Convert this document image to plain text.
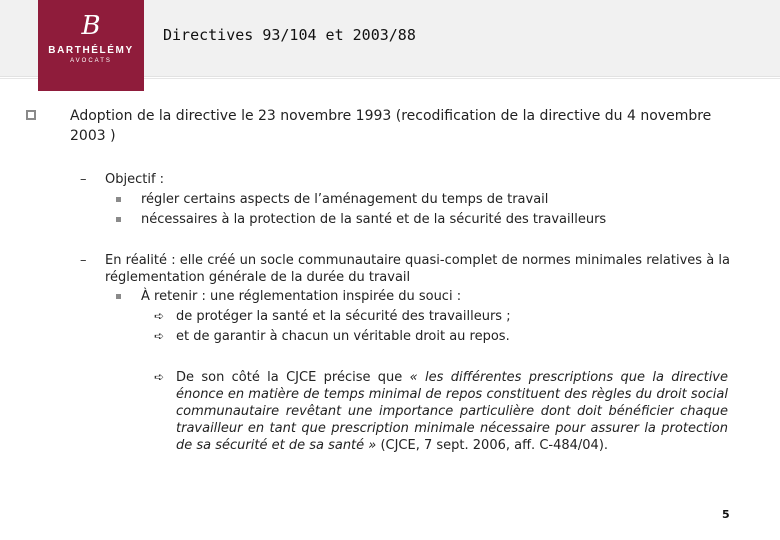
B
BARTHÉLÉMY
AVOCATS
Directives 93/104 et 2003/88
Adoption de la directive le 23 novembre 1993 (recodification de la directive du 4 novembre 2003 )
– Objectif :
régler certains aspects de l’aménagement du temps de travail
nécessaires à la protection de la santé et de la sécurité des travailleurs
– En réalité : elle créé un socle communautaire quasi-complet de normes minimales relatives à la réglementation générale de la durée du travail
À retenir : une réglementation inspirée du souci :
➪ de protéger la santé et la sécurité des travailleurs ;
➪ et de garantir à chacun un véritable droit au repos.
➪ De son côté la CJCE précise que « les différentes prescriptions que la directive énonce en matière de temps minimal de repos constituent des règles du droit social communautaire revêtant une importance particulière dont doit bénéficier chaque travailleur en tant que prescription minimale nécessaire pour assurer la protection de sa sécurité et de sa santé » (CJCE, 7 sept. 2006, aff. C-484/04).
5
